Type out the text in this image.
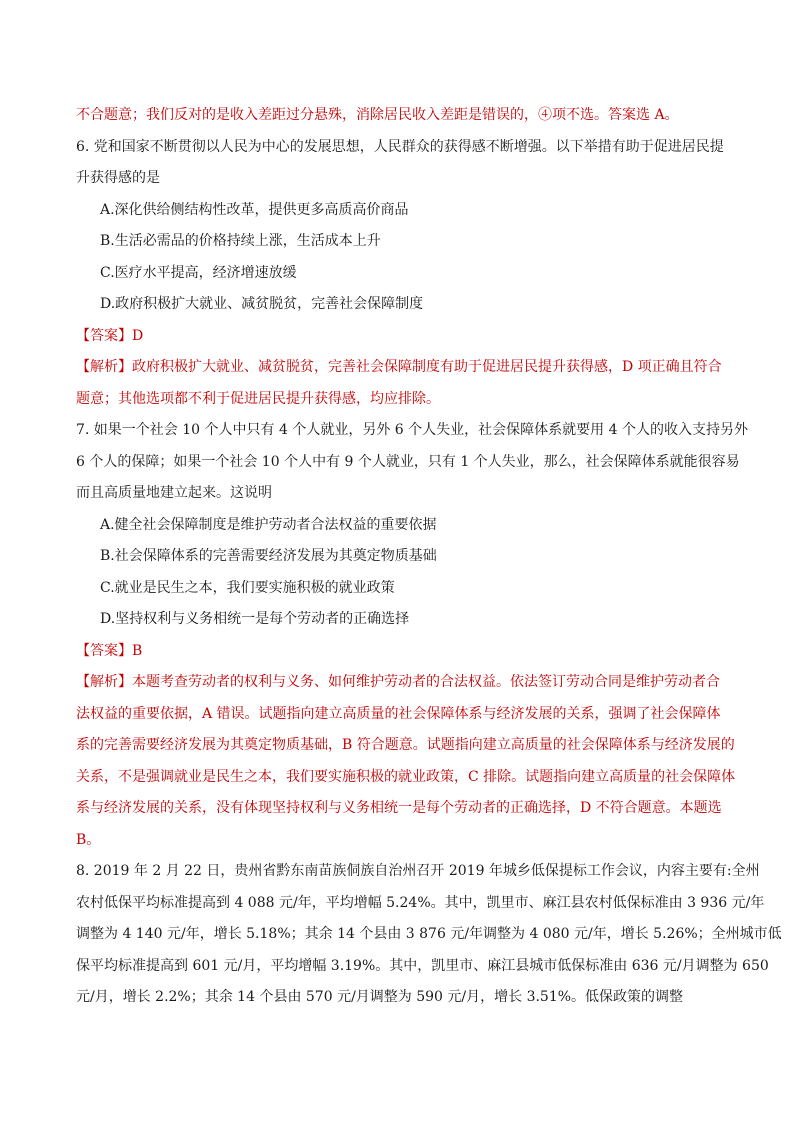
不合题意；我们反对的是收入差距过分悬殊，消除居民收入差距是错误的，④项不选。答案选 A。
6. 党和国家不断贯彻以人民为中心的发展思想，人民群众的获得感不断增强。以下举措有助于促进居民提
升获得感的是
A.深化供给侧结构性改革，提供更多高质高价商品
B.生活必需品的价格持续上涨，生活成本上升
C.医疗水平提高，经济增速放缓
D.政府积极扩大就业、减贫脱贫，完善社会保障制度
【答案】D
【解析】政府积极扩大就业、减贫脱贫，完善社会保障制度有助于促进居民提升获得感，D 项正确且符合
题意；其他选项都不利于促进居民提升获得感，均应排除。
7. 如果一个社会 10 个人中只有 4 个人就业，另外 6 个人失业，社会保障体系就要用 4 个人的收入支持另外
6 个人的保障；如果一个社会 10 个人中有 9 个人就业，只有 1 个人失业，那么，社会保障体系就能很容易
而且高质量地建立起来。这说明
A.健全社会保障制度是维护劳动者合法权益的重要依据
B.社会保障体系的完善需要经济发展为其奠定物质基础
C.就业是民生之本，我们要实施积极的就业政策
D.坚持权利与义务相统一是每个劳动者的正确选择
【答案】B
【解析】本题考查劳动者的权利与义务、如何维护劳动者的合法权益。依法签订劳动合同是维护劳动者合
法权益的重要依据，A 错误。试题指向建立高质量的社会保障体系与经济发展的关系，强调了社会保障体
系的完善需要经济发展为其奠定物质基础，B 符合题意。试题指向建立高质量的社会保障体系与经济发展的
关系，不是强调就业是民生之本，我们要实施积极的就业政策，C 排除。试题指向建立高质量的社会保障体
系与经济发展的关系，没有体现坚持权利与义务相统一是每个劳动者的正确选择，D 不符合题意。本题选
B。
8. 2019 年 2 月 22 日，贵州省黔东南苗族侗族自治州召开 2019 年城乡低保提标工作会议，内容主要有:全州
农村低保平均标准提高到 4 088 元/年，平均增幅 5.24%。其中，凯里市、麻江县农村低保标准由 3 936 元/年
调整为 4 140 元/年，增长 5.18%；其余 14 个县由 3 876 元/年调整为 4 080 元/年，增长 5.26%；全州城市低
保平均标准提高到 601 元/月，平均增幅 3.19%。其中，凯里市、麻江县城市低保标准由 636 元/月调整为 650
元/月，增长 2.2%；其余 14 个县由 570 元/月调整为 590 元/月，增长 3.51%。低保政策的调整
